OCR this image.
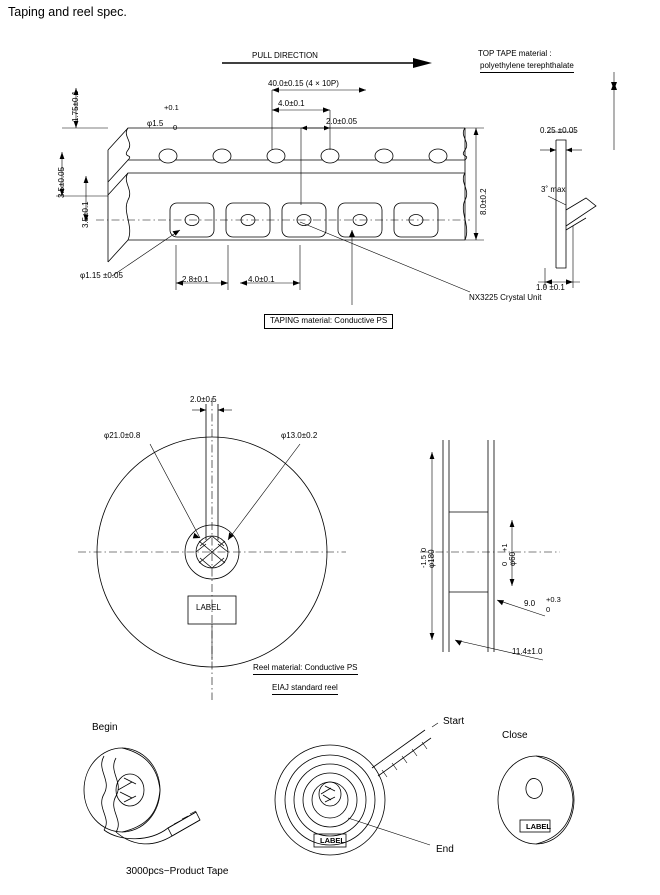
Taping and reel spec.
PULL DIRECTION	TOP TAPE material :
polyethylene terephthalate
40.0±0.15 (4 × 10P)
4.0±0.1
2.0±0.05
+0.1
φ1.5 0
1.75±0.1
3.5±0.05
3.5±0.1	8.0±0.2
φ1.15 ±0.05	2.8±0.1	4.0±0.1
0.25 ±0.05
3˚ max
1.0 ±0.1
NX3225 Crystal Unit
TAPING material: Conductive PS
2.0±0.5
φ21.0±0.8	φ13.0±0.2
LABEL
Reel material: Conductive PS
EIAJ standard reel
φ180
0
-1.5	φ60
+1
0
9.0 +0.3
0
11.4±1.0
Begin
Start
Close
End
LABEL
LABEL
3000pcs−Product Tape
